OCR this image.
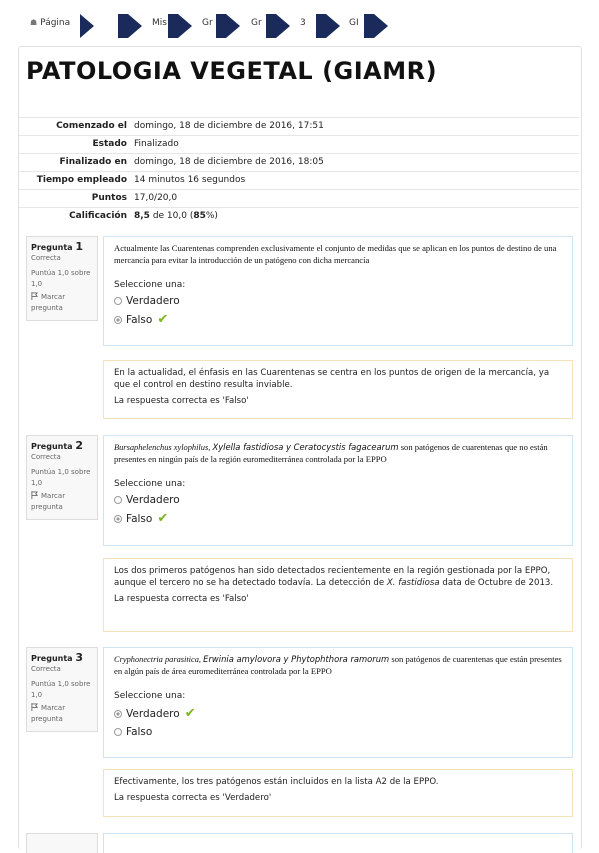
☗ Página	Mis	Gr	Gr	3	GI
PATOLOGIA VEGETAL (GIAMR)
Comenzado el domingo, 18 de diciembre de 2016, 17:51
Estado Finalizado
Finalizado en domingo, 18 de diciembre de 2016, 18:05
Tiempo empleado 14 minutos 16 segundos
Puntos 17,0/20,0
Calificación 8,5 de 10,0 (85%)
Pregunta 1
Correcta
Puntúa 1,0 sobre 1,0
Marcar pregunta
Actualmente las Cuarentenas comprenden exclusivamente el conjunto de medidas que se aplican en los puntos de destino de una mercancía para evitar la introducción de un patógeno con dicha mercancía
Seleccione una:
Verdadero
Falso ✔
En la actualidad, el énfasis en las Cuarentenas se centra en los puntos de origen de la mercancía, ya que el control en destino resulta inviable.
La respuesta correcta es 'Falso'
Pregunta 2
Correcta
Puntúa 1,0 sobre 1,0
Marcar pregunta
Bursaphelenchus xylophilus, Xylella fastidiosa y Ceratocystis fagacearum son patógenos de cuarentenas que no están presentes en ningún país de la región euromediterránea controlada por la EPPO
Seleccione una:
Verdadero
Falso ✔
Los dos primeros patógenos han sido detectados recientemente en la región gestionada por la EPPO, aunque el tercero no se ha detectado todavía. La detección de X. fastidiosa data de Octubre de 2013.
La respuesta correcta es 'Falso'
Pregunta 3
Correcta
Puntúa 1,0 sobre 1,0
Marcar pregunta
Cryphonectria parasitica, Erwinia amylovora y Phytophthora ramorum son patógenos de cuarentenas que están presentes en algún país de área euromediterránea controlada por la EPPO
Seleccione una:
Verdadero ✔
Falso
Efectivamente, los tres patógenos están incluidos en la lista A2 de la EPPO.
La respuesta correcta es 'Verdadero'
